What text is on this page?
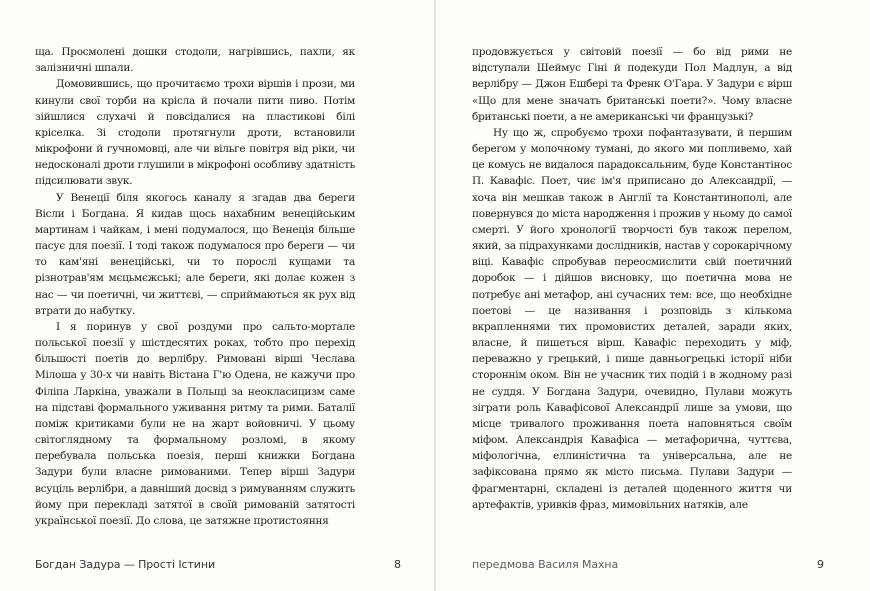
ща. Просмолені дошки стодоли, нагрівшись, пахли, як залізничні шпали.

Домовившись, що прочитаємо трохи віршів і прози, ми кинули свої торби на крісла й почали пити пиво. Потім зійшлися слухачі й повсідалися на пластикові білі кріселка. Зі стодоли протягнули дроти, встановили мікрофони й гучномовці, але чи вільге повітря від ріки, чи недосконалі дроти глушили в мікрофоні особливу здатність підсилювати звук.

У Венеції біля якогось каналу я згадав два береги Вісли і Богдана. Я кидав щось нахабним венеційським мартинам і чайкам, і мені подумалося, що Венеція більше пасує для поезії. І тоді також подумалося про береги — чи то кам'яні венеційські, чи то порослі кущами та різнотрав'ям мєцьмєжські; але береги, які долає кожен з нас — чи поетичні, чи життєві, — сприймаються як рух від втрати до набутку.

І я поринув у свої роздуми про сальто-мортале польської поезії у шістдесятих роках, тобто про перехід більшості поетів до верлібру. Римовані вірші Чеслава Мілоша у 30-х чи навіть Вістана Г'ю Одена, не кажучи про Філіпа Ларкіна, уважали в Польщі за неокласицизм саме на підставі формального уживання ритму та рими. Баталії поміж критиками були не на жарт войовничі. У цьому світоглядному та формальному розломі, в якому перебувала польська поезія, перші книжки Богдана Задури були власне римованими. Тепер вірші Задури всуціль верлібри, а давніший досвід з римуванням служить йому при перекладі затятої в своїй римованій затятості української поезії. До слова, це затяжне протистояння

Богдан Задура — Прості Істини	8

продовжується у світовій поезії — бо від рими не відступали Шеймус Гіні й подекуди Пол Мадлун, а від верлібру — Джон Ешбері та Френк О'Гара. У Задури є вірш «Що для мене значать британські поети?». Чому власне британські поети, а не американські чи французькі?

Ну що ж, спробуємо трохи пофантазувати, й першим берегом у молочному тумані, до якого ми попливемо, хай це комусь не видалося парадоксальним, буде Константінос П. Кавафіс. Поет, чиє ім'я приписано до Александрії, — хоча він мешкав також в Англії та Константинополі, але повернувся до міста народження і прожив у ньому до самої смерті. У його хронології творчості був також перелом, який, за підрахунками дослідників, настав у сорокарічному віці. Кавафіс спробував переосмислити свій поетичний доробок — і дійшов висновку, що поетична мова не потребує ані метафор, ані сучасних тем: все, що необхідне поетові — це називання і розповідь з кількома вкрапленнями тих промовистих деталей, заради яких, власне, й пишеться вірш. Кавафіс переходить у міф, переважно у грецький, і пише давньогрецькі історії ніби стороннім оком. Він не учасник тих подій і в жодному разі не суддя. У Богдана Задури, очевидно, Пулави можуть зіграти роль Кавафісової Александрії лише за умови, що місце тривалого проживання поета наповняться своїм міфом. Александрія Кавафіса — метафорична, чуттєва, міфологічна, еллиністична та універсальна, але не зафіксована прямо як місто письма. Пулави Задури — фрагментарні, складені із деталей щоденного життя чи артефактів, уривків фраз, мимовільних натяків, але

передмова Василя Махна	9
